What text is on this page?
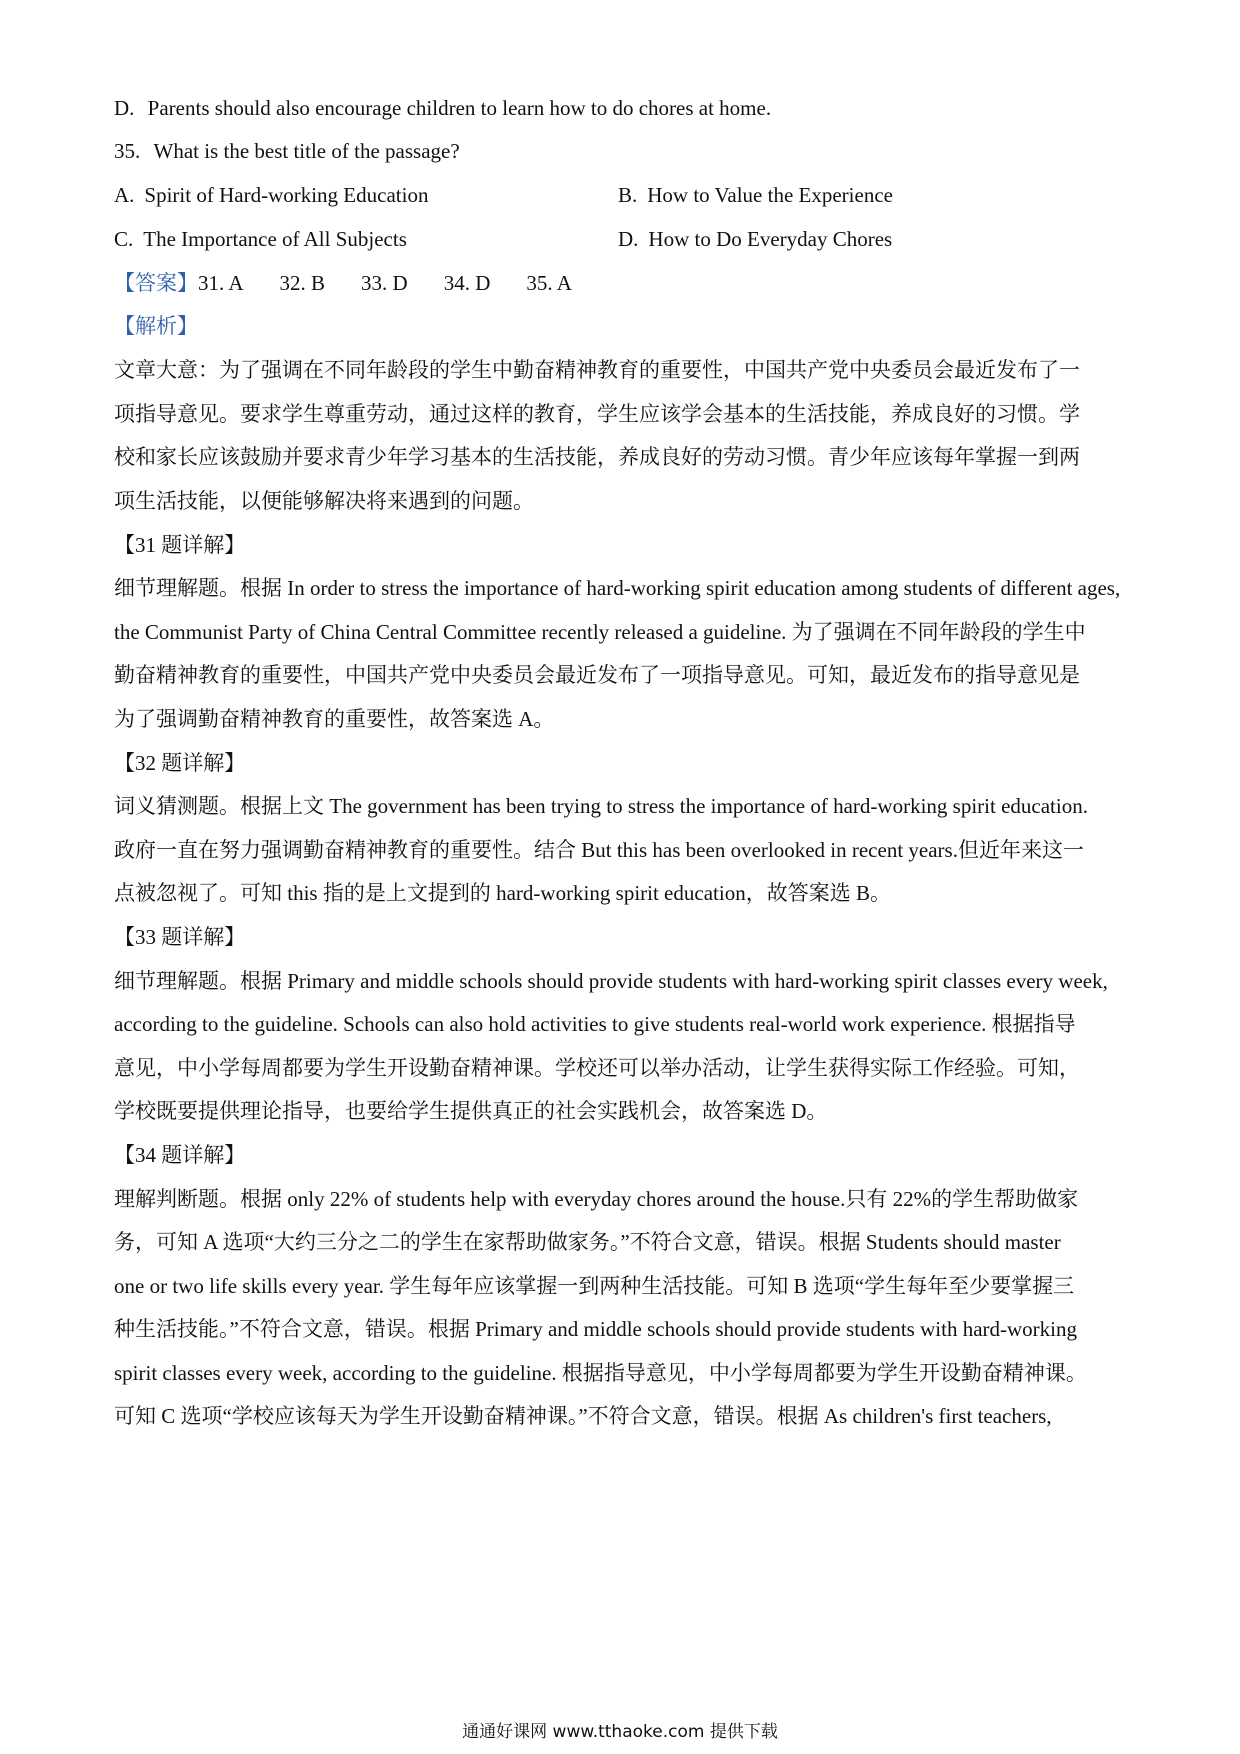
D. Parents should also encourage children to learn how to do chores at home.
35. What is the best title of the passage?
A. Spirit of Hard-working Education	B. How to Value the Experience
C. The Importance of All Subjects	D. How to Do Everyday Chores
【答案】31. A 32. B 33. D 34. D 35. A
【解析】
文章大意：为了强调在不同年龄段的学生中勤奋精神教育的重要性，中国共产党中央委员会最近发布了一
项指导意见。要求学生尊重劳动，通过这样的教育，学生应该学会基本的生活技能，养成良好的习惯。学
校和家长应该鼓励并要求青少年学习基本的生活技能，养成良好的劳动习惯。青少年应该每年掌握一到两
项生活技能，以便能够解决将来遇到的问题。
【31 题详解】
细节理解题。根据 In order to stress the importance of hard-working spirit education among students of different ages,
the Communist Party of China Central Committee recently released a guideline. 为了强调在不同年龄段的学生中
勤奋精神教育的重要性，中国共产党中央委员会最近发布了一项指导意见。可知，最近发布的指导意见是
为了强调勤奋精神教育的重要性，故答案选 A。
【32 题详解】
词义猜测题。根据上文 The government has been trying to stress the importance of hard-working spirit education.
政府一直在努力强调勤奋精神教育的重要性。结合 But this has been overlooked in recent years.但近年来这一
点被忽视了。可知 this 指的是上文提到的 hard-working spirit education，故答案选 B。
【33 题详解】
细节理解题。根据 Primary and middle schools should provide students with hard-working spirit classes every week,
according to the guideline. Schools can also hold activities to give students real-world work experience. 根据指导
意见，中小学每周都要为学生开设勤奋精神课。学校还可以举办活动，让学生获得实际工作经验。可知，
学校既要提供理论指导，也要给学生提供真正的社会实践机会，故答案选 D。
【34 题详解】
理解判断题。根据 only 22% of students help with everyday chores around the house.只有 22%的学生帮助做家
务，可知 A 选项“大约三分之二的学生在家帮助做家务。”不符合文意，错误。根据 Students should master
one or two life skills every year. 学生每年应该掌握一到两种生活技能。可知 B 选项“学生每年至少要掌握三
种生活技能。”不符合文意，错误。根据 Primary and middle schools should provide students with hard-working
spirit classes every week, according to the guideline. 根据指导意见，中小学每周都要为学生开设勤奋精神课。
可知 C 选项“学校应该每天为学生开设勤奋精神课。”不符合文意，错误。根据 As children's first teachers,
通通好课网 www.tthaoke.com 提供下载
